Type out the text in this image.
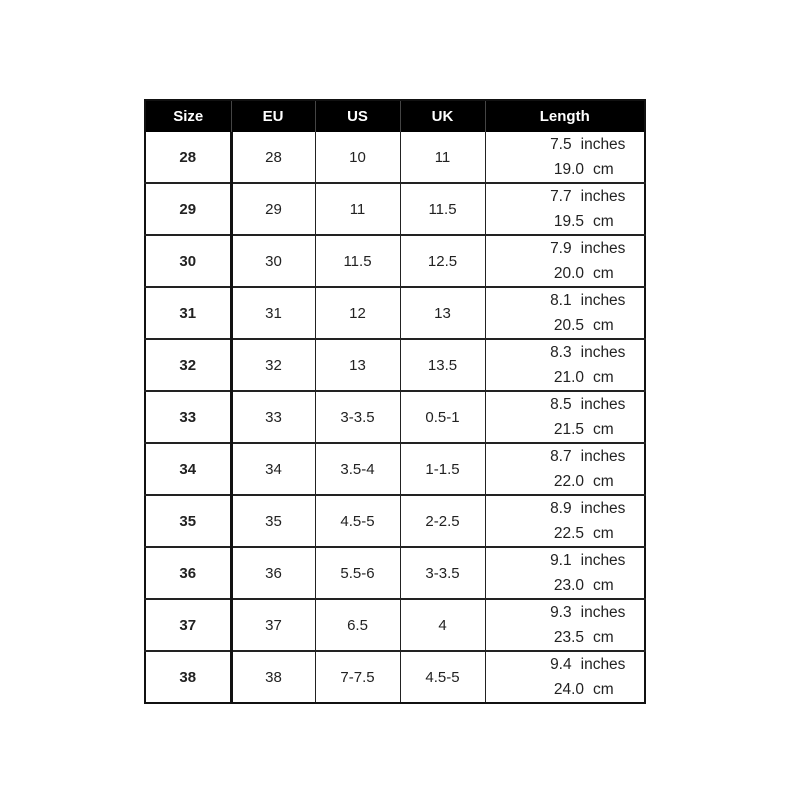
Size	EU	US	UK	Length
28	28	10	11	7.5 inches
19.0 cm

29	29	11	11.5	7.7 inches
19.5 cm

30	30	11.5	12.5	7.9 inches
20.0 cm

31	31	12	13	8.1 inches
20.5 cm

32	32	13	13.5	8.3 inches
21.0 cm

33	33	3-3.5	0.5-1	8.5 inches
21.5 cm

34	34	3.5-4	1-1.5	8.7 inches
22.0 cm

35	35	4.5-5	2-2.5	8.9 inches
22.5 cm

36	36	5.5-6	3-3.5	9.1 inches
23.0 cm

37	37	6.5	4	9.3 inches
23.5 cm

38	38	7-7.5	4.5-5	9.4 inches
24.0 cm
